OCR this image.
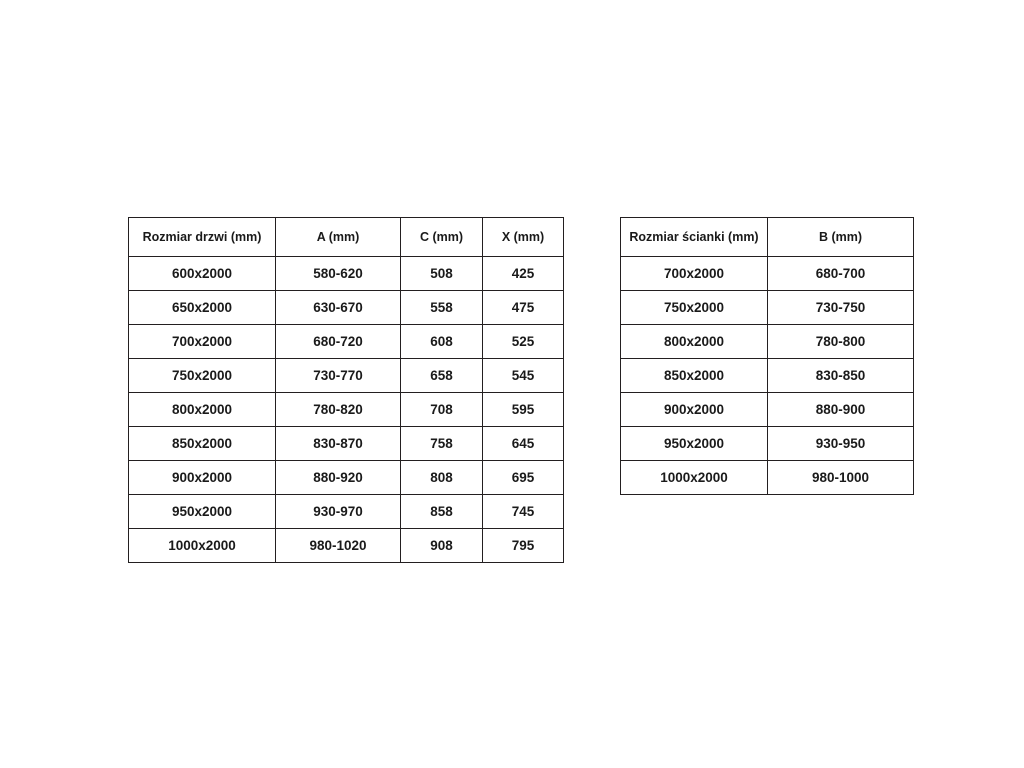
Rozmiar drzwi (mm)	A (mm)	C (mm)	X (mm)
600x2000	580-620	508	425
650x2000	630-670	558	475
700x2000	680-720	608	525
750x2000	730-770	658	545
800x2000	780-820	708	595
850x2000	830-870	758	645
900x2000	880-920	808	695
950x2000	930-970	858	745
1000x2000	980-1020	908	795
Rozmiar ścianki (mm)	B (mm)
700x2000	680-700
750x2000	730-750
800x2000	780-800
850x2000	830-850
900x2000	880-900
950x2000	930-950
1000x2000	980-1000
